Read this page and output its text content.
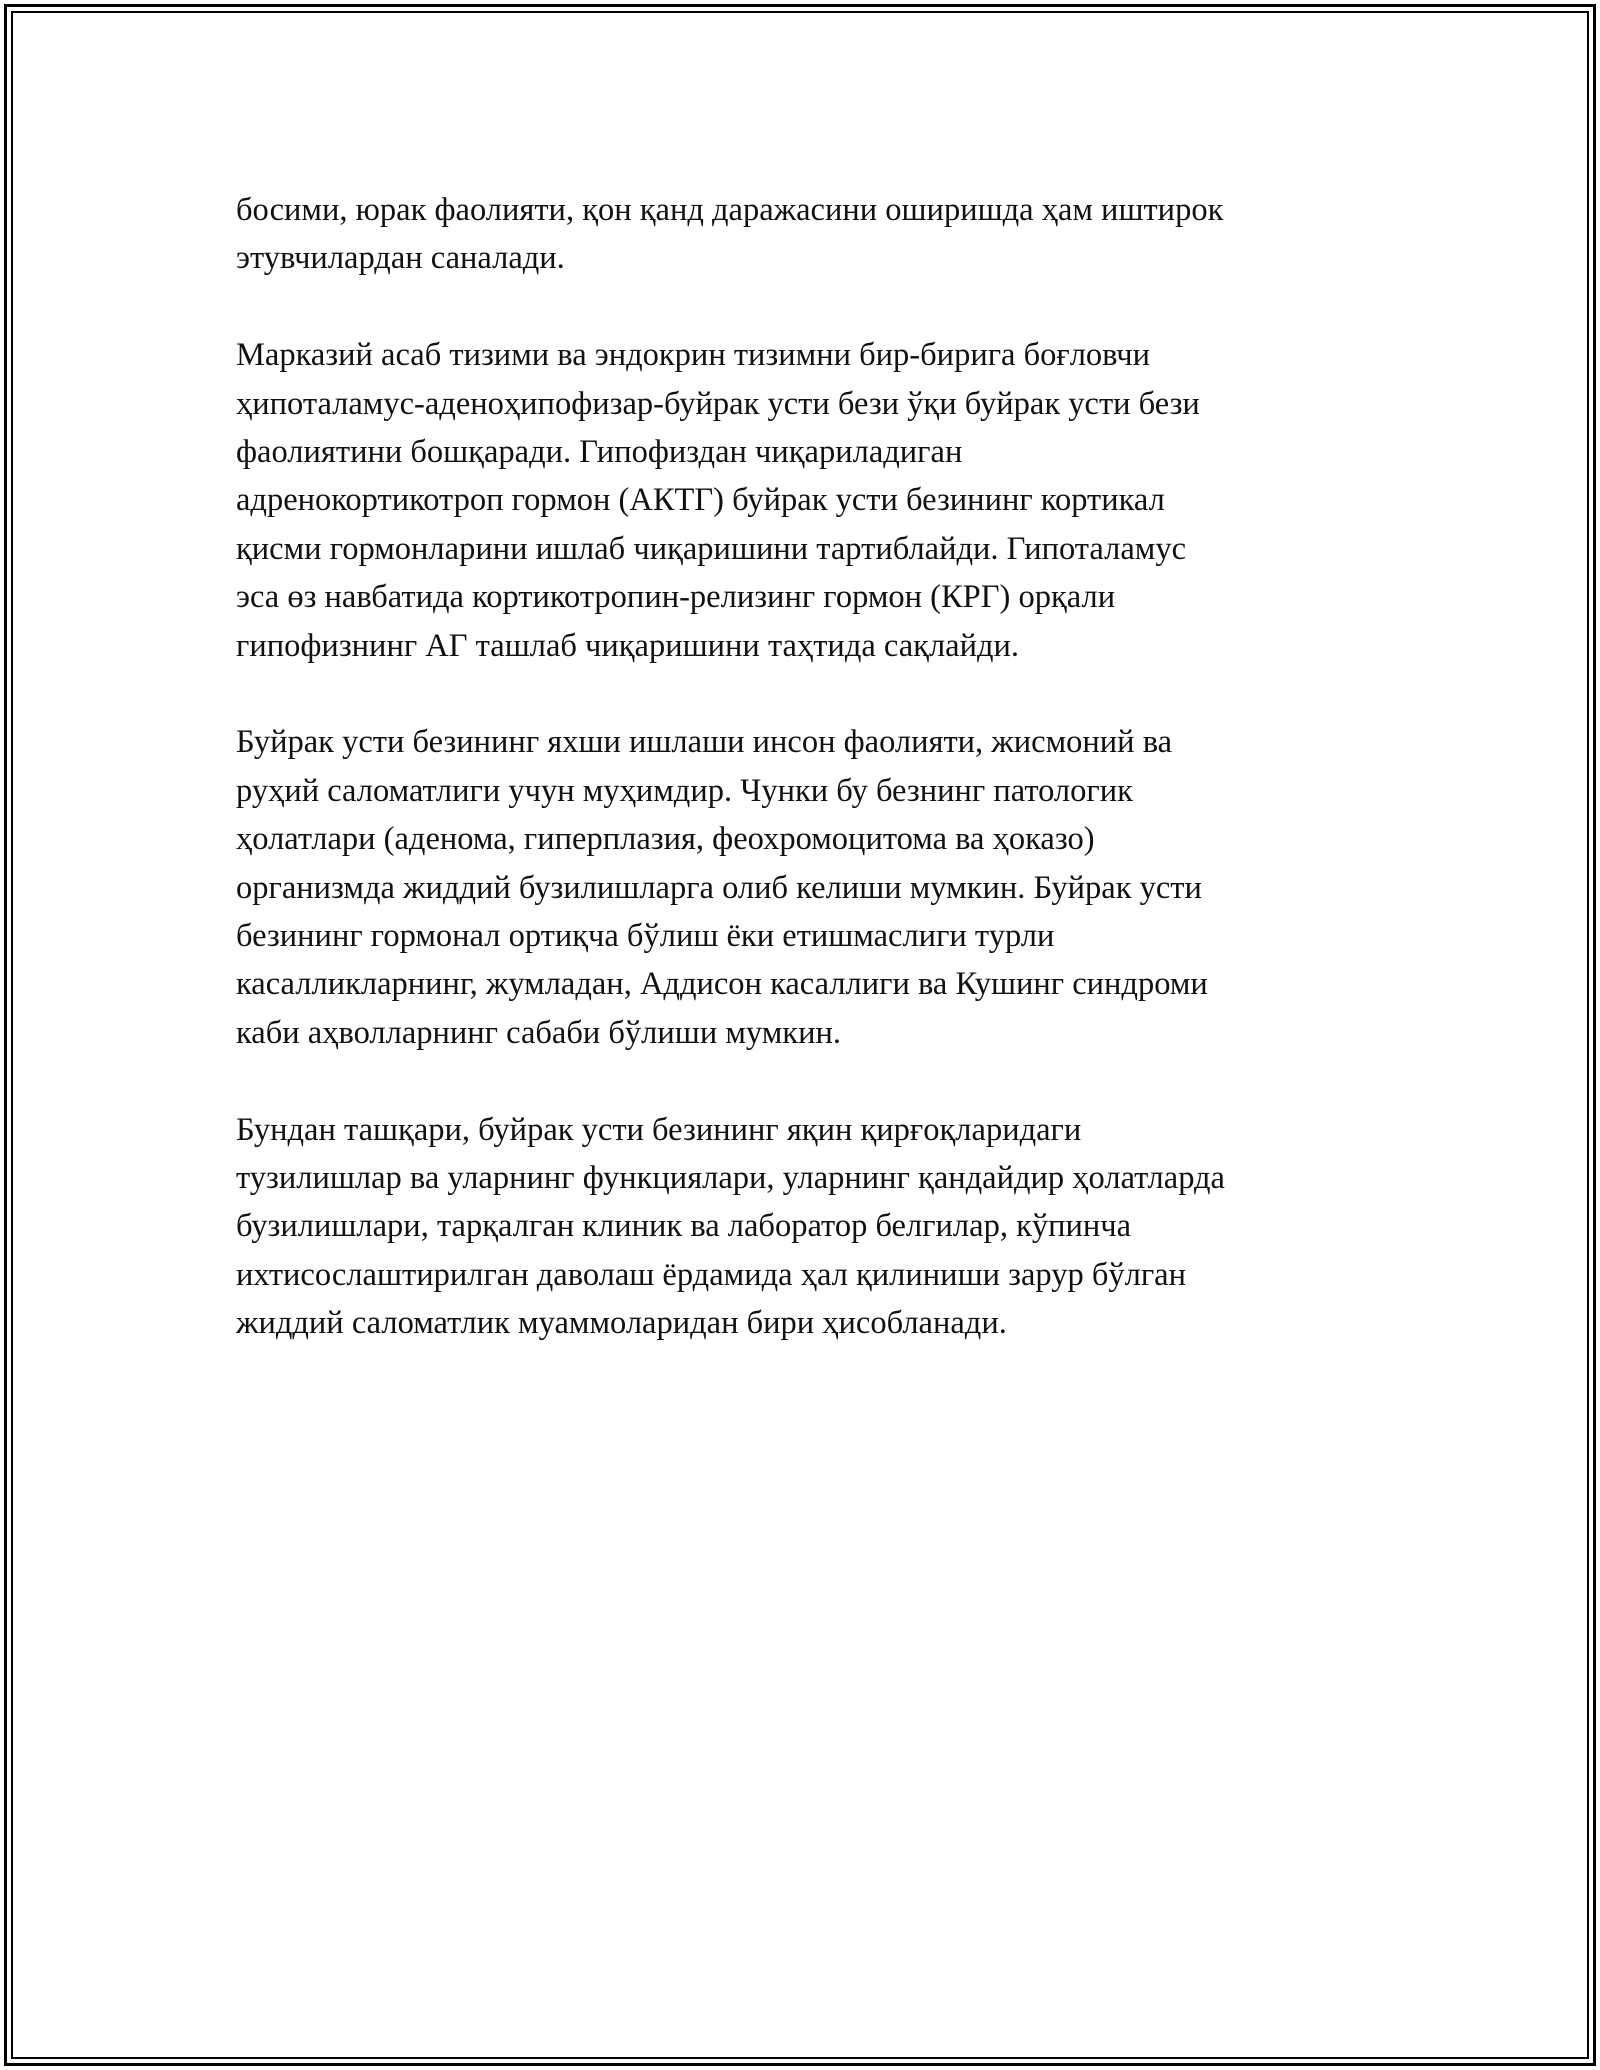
босими, юрак фаолияти, қон қанд даражасини оширишда ҳам иштирок
этувчилардан саналади.

Марказий асаб тизими ва эндокрин тизимни бир-бирига боғловчи
ҳипоталамус-аденоҳипофизар-буйрак усти бези ўқи буйрак усти бези
фаолиятини бошқаради. Гипофиздан чиқариладиган
адренокортикотроп гормон (АКТГ) буйрак усти безининг кортикал
қисми гормонларини ишлаб чиқаришини тартиблайди. Гипоталамус
эса өз навбатида кортикотропин-релизинг гормон (КРГ) орқали
гипофизнинг АГ ташлаб чиқаришини таҳтида сақлайди.

Буйрак усти безининг яхши ишлаши инсон фаолияти, жисмоний ва
руҳий саломатлиги учун муҳимдир. Чунки бу безнинг патологик
ҳолатлари (аденома, гиперплазия, феохромоцитома ва ҳоказо)
организмда жиддий бузилишларга олиб келиши мумкин. Буйрак усти
безининг гормонал ортиқча бўлиш ёки етишмаслиги турли
касалликларнинг, жумладан, Аддисон касаллиги ва Кушинг синдроми
каби аҳволларнинг сабаби бўлиши мумкин.

Бундан ташқари, буйрак усти безининг яқин қирғоқларидаги
тузилишлар ва уларнинг функциялари, уларнинг қандайдир ҳолатларда
бузилишлари, тарқалган клиник ва лаборатор белгилар, кўпинча
ихтисослаштирилган даволаш ёрдамида ҳал қилиниши зарур бўлган
жиддий саломатлик муаммоларидан бири ҳисобланади.
